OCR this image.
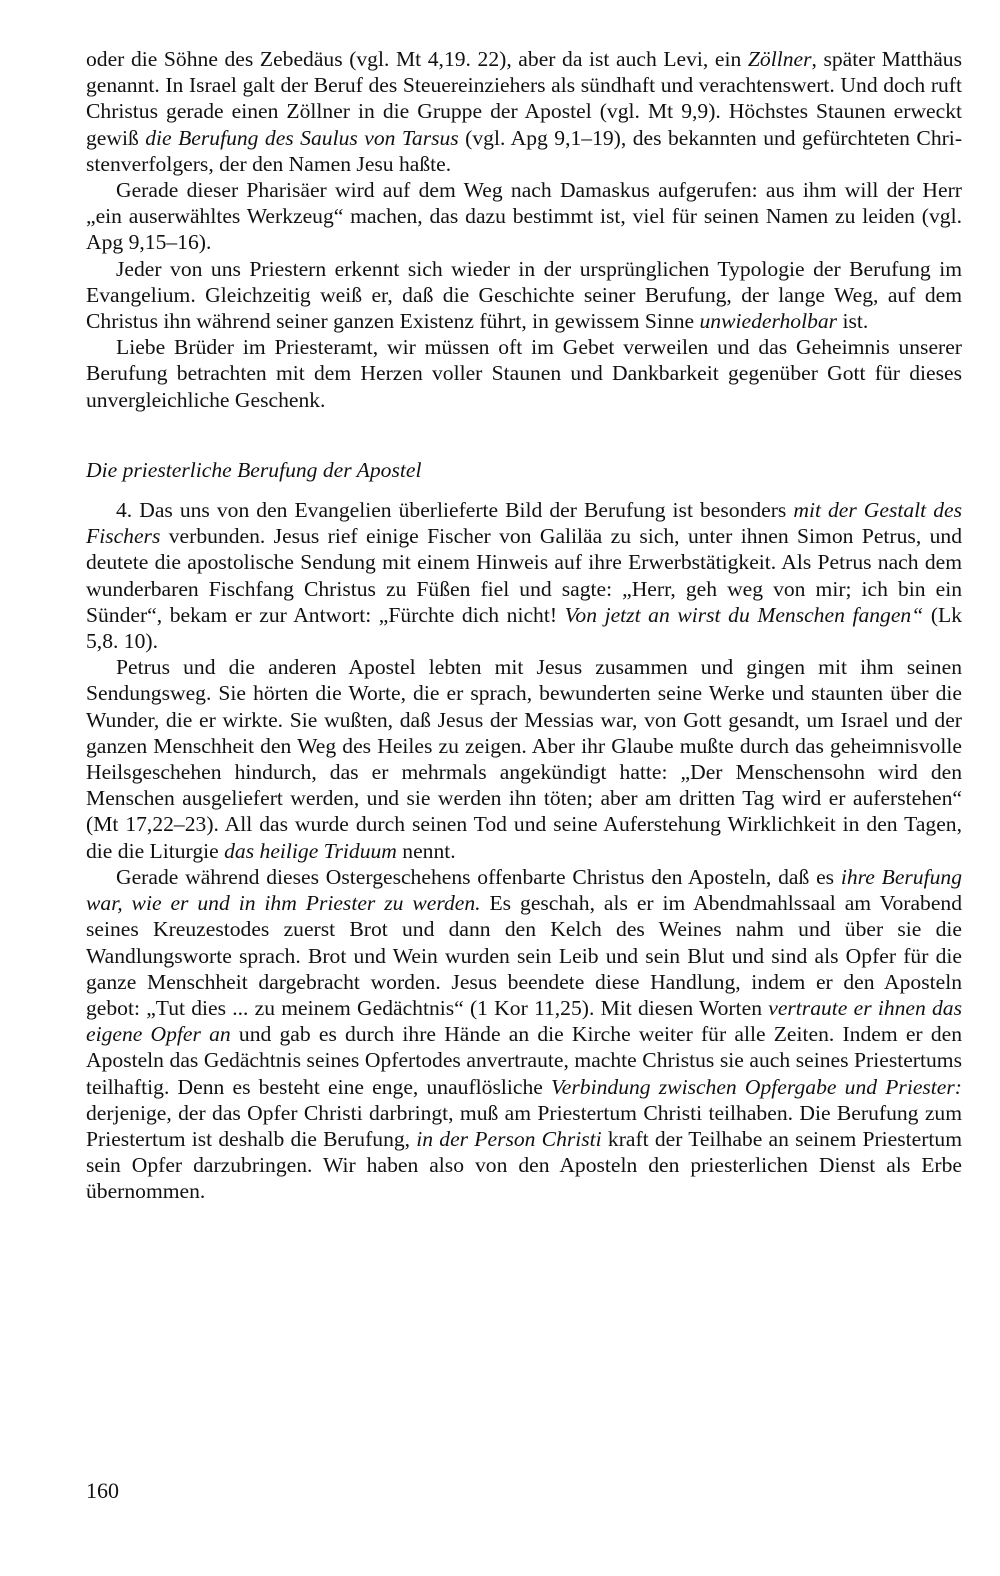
oder die Söhne des Zebedäus (vgl. Mt 4,19. 22), aber da ist auch Levi, ein Zöllner, später Matthäus genannt. In Israel galt der Beruf des Steuereinziehers als sündhaft und verachtenswert. Und doch ruft Christus gerade einen Zöllner in die Gruppe der Apostel (vgl. Mt 9,9). Höchstes Staunen erweckt gewiß die Berufung des Saulus von Tarsus (vgl. Apg 9,1–19), des bekannten und gefürchteten Christenverfolgers, der den Namen Jesu haßte.

Gerade dieser Pharisäer wird auf dem Weg nach Damaskus aufgerufen: aus ihm will der Herr „ein auserwähltes Werkzeug“ machen, das dazu bestimmt ist, viel für seinen Namen zu leiden (vgl. Apg 9,15–16).

Jeder von uns Priestern erkennt sich wieder in der ursprünglichen Typologie der Berufung im Evangelium. Gleichzeitig weiß er, daß die Geschichte seiner Berufung, der lange Weg, auf dem Christus ihn während seiner ganzen Existenz führt, in gewissem Sinne unwiederholbar ist.

Liebe Brüder im Priesteramt, wir müssen oft im Gebet verweilen und das Geheimnis unserer Berufung betrachten mit dem Herzen voller Staunen und Dankbarkeit gegenüber Gott für dieses unvergleichliche Geschenk.

Die priesterliche Berufung der Apostel

4. Das uns von den Evangelien überlieferte Bild der Berufung ist besonders mit der Gestalt des Fischers verbunden. Jesus rief einige Fischer von Galiläa zu sich, unter ihnen Simon Petrus, und deutete die apostolische Sendung mit einem Hinweis auf ihre Erwerbstätigkeit. Als Petrus nach dem wunderbaren Fischfang Christus zu Füßen fiel und sagte: „Herr, geh weg von mir; ich bin ein Sünder“, bekam er zur Antwort: „Fürchte dich nicht! Von jetzt an wirst du Menschen fangen“ (Lk 5,8. 10).

Petrus und die anderen Apostel lebten mit Jesus zusammen und gingen mit ihm seinen Sendungsweg. Sie hörten die Worte, die er sprach, bewunderten seine Werke und staunten über die Wunder, die er wirkte. Sie wußten, daß Jesus der Messias war, von Gott gesandt, um Israel und der ganzen Menschheit den Weg des Heiles zu zeigen. Aber ihr Glaube mußte durch das geheimnisvolle Heilsgeschehen hindurch, das er mehrmals angekündigt hatte: „Der Menschensohn wird den Menschen ausgeliefert werden, und sie werden ihn töten; aber am dritten Tag wird er auferstehen“ (Mt 17,22–23). All das wurde durch seinen Tod und seine Auferstehung Wirklichkeit in den Tagen, die die Liturgie das heilige Triduum nennt.

Gerade während dieses Ostergeschehens offenbarte Christus den Aposteln, daß es ihre Berufung war, wie er und in ihm Priester zu werden. Es geschah, als er im Abendmahlssaal am Vorabend seines Kreuzestodes zuerst Brot und dann den Kelch des Weines nahm und über sie die Wandlungsworte sprach. Brot und Wein wurden sein Leib und sein Blut und sind als Opfer für die ganze Menschheit dargebracht worden. Jesus beendete diese Handlung, indem er den Aposteln gebot: „Tut dies ... zu meinem Gedächtnis“ (1 Kor 11,25). Mit diesen Worten vertraute er ihnen das eigene Opfer an und gab es durch ihre Hände an die Kirche weiter für alle Zeiten. Indem er den Aposteln das Gedächtnis seines Opfertodes anvertraute, machte Christus sie auch seines Priestertums teilhaftig. Denn es besteht eine enge, unauflösliche Verbindung zwischen Opfergabe und Priester: derjenige, der das Opfer Christi darbringt, muß am Priestertum Christi teilhaben. Die Berufung zum Priestertum ist deshalb die Berufung, in der Person Christi kraft der Teilhabe an seinem Priestertum sein Opfer darzubringen. Wir haben also von den Aposteln den priesterlichen Dienst als Erbe übernommen.

160
